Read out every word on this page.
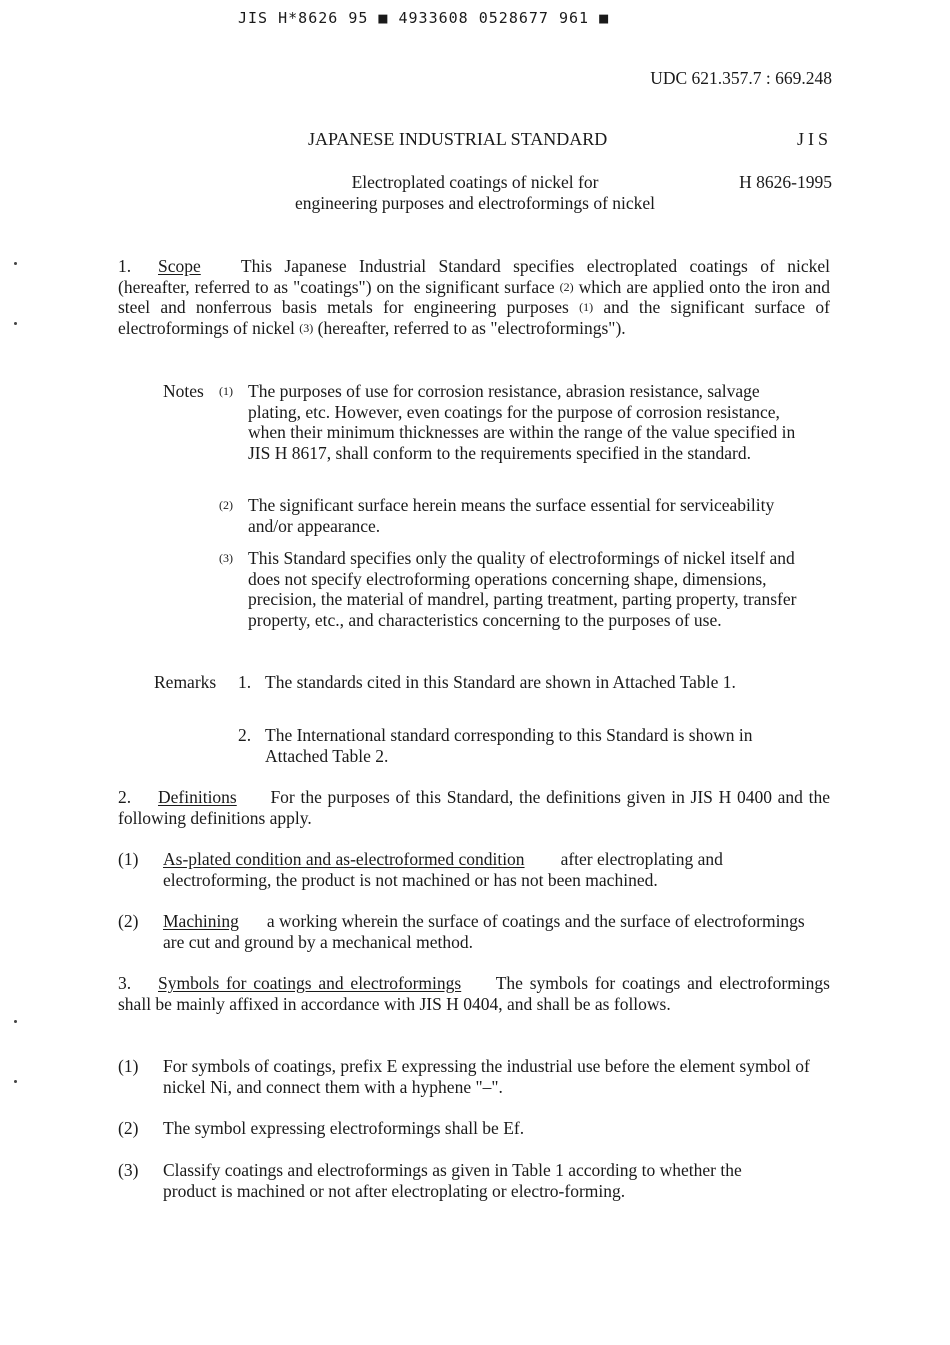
JIS H*8626 95 ■ 4933608 0528677 961 ■
UDC 621.357.7 : 669.248
JAPANESE INDUSTRIAL STANDARD	JIS
Electroplated coatings of nickel for
engineering purposes and electroformings of nickel
H 8626-1995
1. Scope This Japanese Industrial Standard specifies electroplated coatings of nickel (hereafter, referred to as "coatings") on the significant surface $^{(2)}$ which are applied onto the iron and steel and nonferrous basis metals for engineering purposes $^{(1)}$ and the significant surface of electroformings of nickel $^{(3)}$ (hereafter, referred to as "electroformings").
Notes $^{(1)}$ The purposes of use for corrosion resistance, abrasion resistance, salvage plating, etc. However, even coatings for the purpose of corrosion resistance, when their minimum thicknesses are within the range of the value specified in JIS H 8617, shall conform to the requirements specified in the standard.
$^{(2)}$ The significant surface herein means the surface essential for serviceability and/or appearance.
$^{(3)}$ This Standard specifies only the quality of electroformings of nickel itself and does not specify electroforming operations concerning shape, dimensions, precision, the material of mandrel, parting treatment, parting property, transfer property, etc., and characteristics concerning to the purposes of use.
Remarks 1. The standards cited in this Standard are shown in Attached Table 1.
2. The International standard corresponding to this Standard is shown in Attached Table 2.
2. Definitions For the purposes of this Standard, the definitions given in JIS H 0400 and the following definitions apply.
(1) As-plated condition and as-electroformed condition after electroplating and electroforming, the product is not machined or has not been machined.
(2) Machining a working wherein the surface of coatings and the surface of electroformings are cut and ground by a mechanical method.
3. Symbols for coatings and electroformings The symbols for coatings and electroformings shall be mainly affixed in accordance with JIS H 0404, and shall be as follows.
(1) For symbols of coatings, prefix E expressing the industrial use before the element symbol of nickel Ni, and connect them with a hyphene "–".
(2) The symbol expressing electroformings shall be Ef.
(3) Classify coatings and electroformings as given in Table 1 according to whether the product is machined or not after electroplating or electro-forming.
